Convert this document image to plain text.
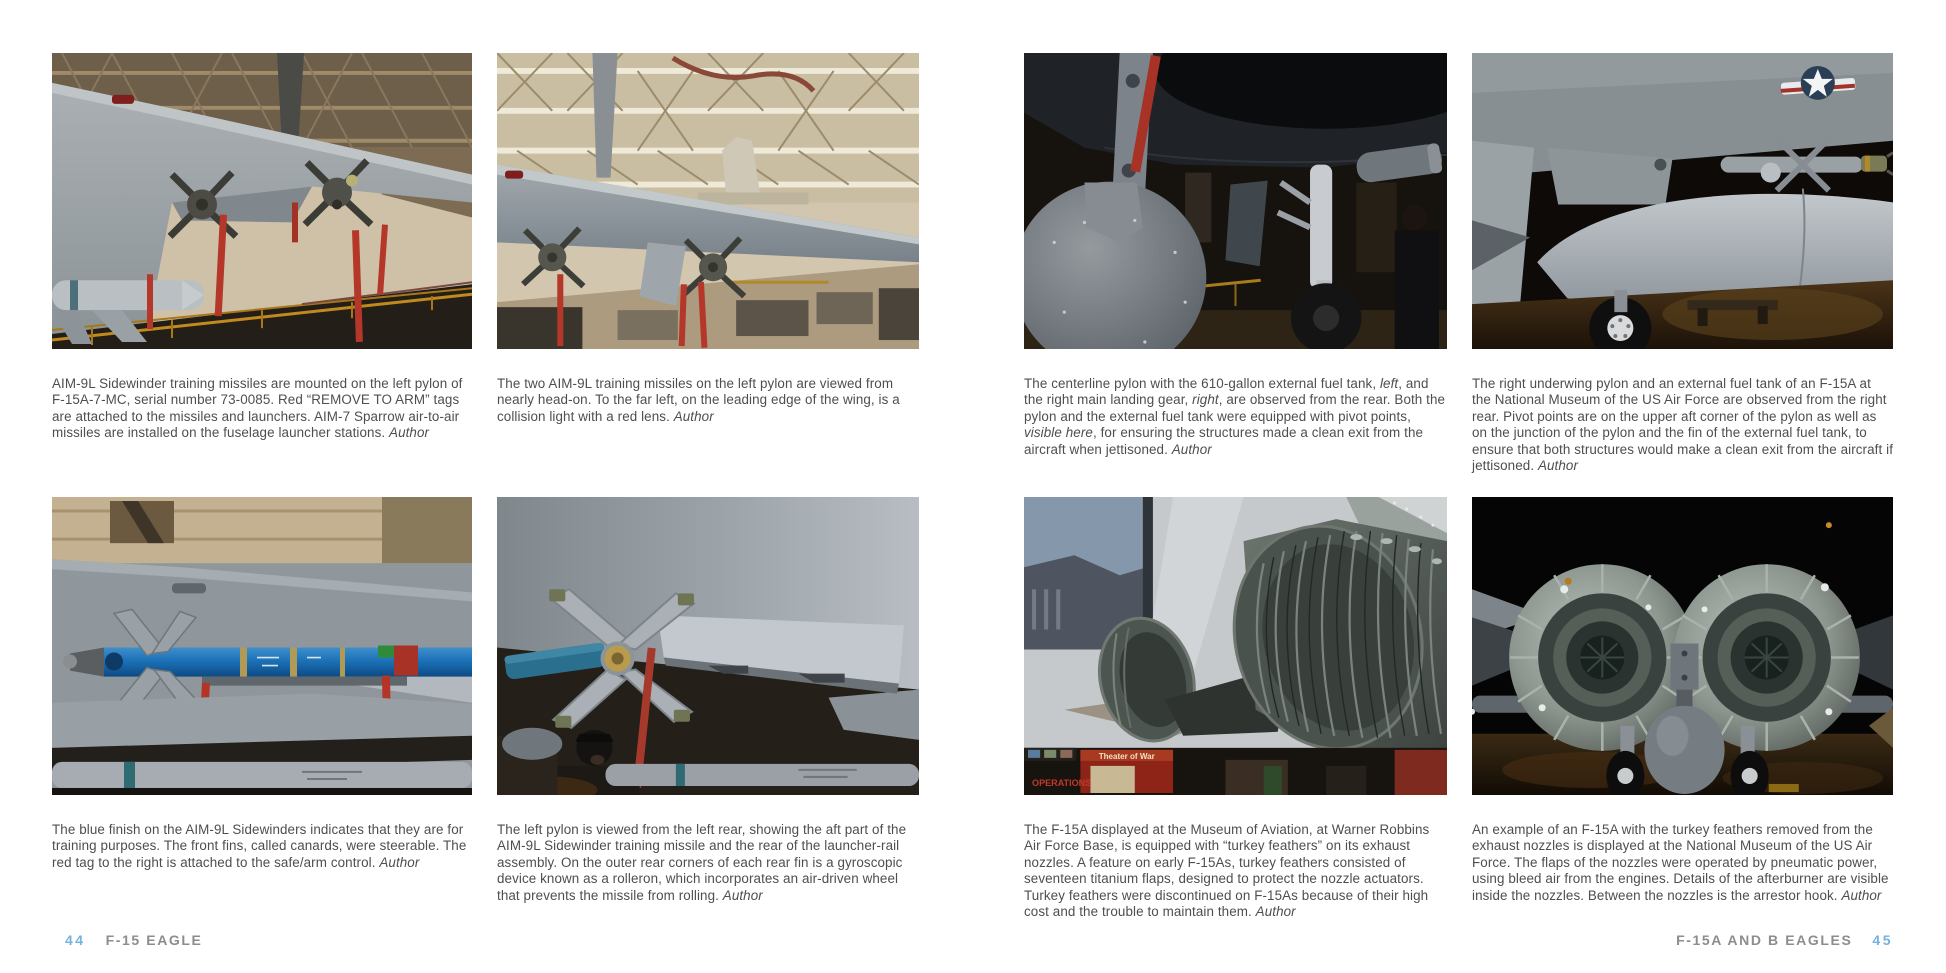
AIM-9L Sidewinder training missiles are mounted on the left pylon of F-15A-7-MC, serial number 73-0085. Red “REMOVE TO ARM” tags are attached to the missiles and launchers. AIM-7 Sparrow air-to-air missiles are installed on the fuselage launcher stations. Author
The two AIM-9L training missiles on the left pylon are viewed from nearly head-on. To the far left, on the leading edge of the wing, is a collision light with a red lens. Author
The centerline pylon with the 610-gallon external fuel tank, left, and the right main landing gear, right, are observed from the rear. Both the pylon and the external fuel tank were equipped with pivot points, visible here, for ensuring the structures made a clean exit from the aircraft when jettisoned. Author
The right underwing pylon and an external fuel tank of an F-15A at the National Museum of the US Air Force are observed from the right rear. Pivot points are on the upper aft corner of the pylon as well as on the junction of the pylon and the fin of the external fuel tank, to ensure that both structures would make a clean exit from the aircraft if jettisoned. Author
The blue finish on the AIM-9L Sidewinders indicates that they are for training purposes. The front fins, called canards, were steerable. The red tag to the right is attached to the safe/arm control. Author
The left pylon is viewed from the left rear, showing the aft part of the AIM-9L Sidewinder training missile and the rear of the launcher-rail assembly. On the outer rear corners of each rear fin is a gyroscopic device known as a rolleron, which incorporates an air-driven wheel that prevents the missile from rolling. Author
Theater of War
OPERATIONS
The F-15A displayed at the Museum of Aviation, at Warner Robbins Air Force Base, is equipped with “turkey feathers” on its exhaust nozzles. A feature on early F-15As, turkey feathers consisted of seventeen titanium flaps, designed to protect the nozzle actuators. Turkey feathers were discontinued on F-15As because of their high cost and the trouble to maintain them. Author
An example of an F-15A with the turkey feathers removed from the exhaust nozzles is displayed at the National Museum of the US Air Force. The flaps of the nozzles were operated by pneumatic power, using bleed air from the engines. Details of the afterburner are visible inside the nozzles. Between the nozzles is the arrestor hook. Author
44 F-15 EAGLE	F-15A AND B EAGLES 45
